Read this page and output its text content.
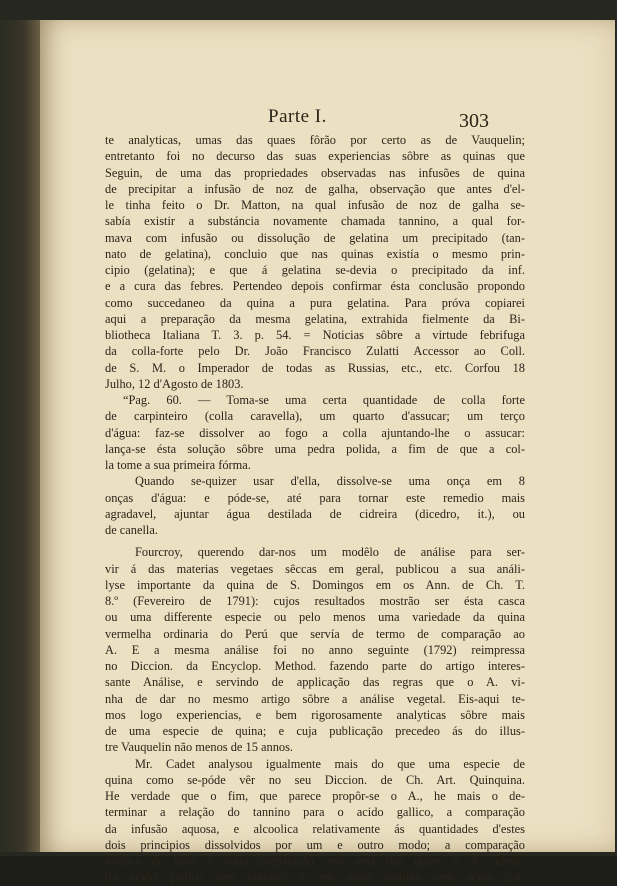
Parte I.	303
te analyticas, umas das quaes fôrão por certo as de Vauquelin;
entretanto foi no decurso das suas experiencias sôbre as quinas que
Seguin, de uma das propriedades observadas nas infusões de quina
de precipitar a infusão de noz de galha, observação que antes d'el-
le tinha feito o Dr. Matton, na qual infusão de noz de galha se-
sabía existir a substáncia novamente chamada tannino, a qual for-
mava com infusão ou dissolução de gelatina um precipitado (tan-
nato de gelatina), concluio que nas quinas existía o mesmo prin-
cipio (gelatina); e que á gelatina se-devia o precipitado da inf.
e a cura das febres. Pertendeo depois confirmar ésta conclusão propondo
como succedaneo da quina a pura gelatina. Para próva copiarei
aqui a preparação da mesma gelatina, extrahida fielmente da Bi-
bliotheca Italiana T. 3. p. 54. = Noticias sôbre a virtude febrifuga
da colla-forte pelo Dr. João Francisco Zulatti Accessor ao Coll.
de S. M. o Imperador de todas as Russias, etc., etc. Corfou 18
Julho, 12 d'Agosto de 1803.
“Pag. 60. — Toma-se uma certa quantidade de colla forte
de carpinteiro (colla caravella), um quarto d'assucar; um terço
d'água: faz-se dissolver ao fogo a colla ajuntando-lhe o assucar:
lança-se ésta solução sôbre uma pedra polida, a fim de que a col-
la tome a sua primeira fórma.
Quando se-quizer usar d'ella, dissolve-se uma onça em 8
onças d'água: e póde-se, até para tornar este remedio mais
agradavel, ajuntar água destilada de cidreira (dicedro, it.), ou
de canella.
Fourcroy, querendo dar-nos um modêlo de análise para ser-
vir á das materias vegetaes sêccas em geral, publicou a sua análi-
lyse importante da quina de S. Domingos em os Ann. de Ch. T.
8.º (Fevereiro de 1791): cujos resultados mostrão ser ésta casca
ou uma differente especie ou pelo menos uma variedade da quina
vermelha ordinaria do Perú que servía de termo de comparação ao
A. E a mesma análise foi no anno seguinte (1792) reimpressa
no Diccion. da Encyclop. Method. fazendo parte do artigo interes-
sante Análise, e servindo de applicação das regras que o A. vi-
nha de dar no mesmo artigo sôbre a análise vegetal. Eis-aqui te-
mos logo experiencias, e bem rigorosamente analyticas sôbre mais
de uma especie de quina; e cuja publicação precedeo ás do illus-
tre Vauquelin não menos de 15 annos.
Mr. Cadet analysou igualmente mais do que uma especie de
quina como se-póde vêr no seu Diccion. de Ch. Art. Quinquina.
He verdade que o fim, que parece propôr-se o A., he mais o de-
terminar a relação do tannino para o acido gallico, a comparação
da infusão aquosa, e alcoolica relativamente ás quantidades d'estes
dois principios dissolvidos por um e outro modo; a comparação
médica de uma e outra preparação, em uma das quaes o A. admit-
tia acido gallico sem tannino; e em outra tannino sem acido gal-
